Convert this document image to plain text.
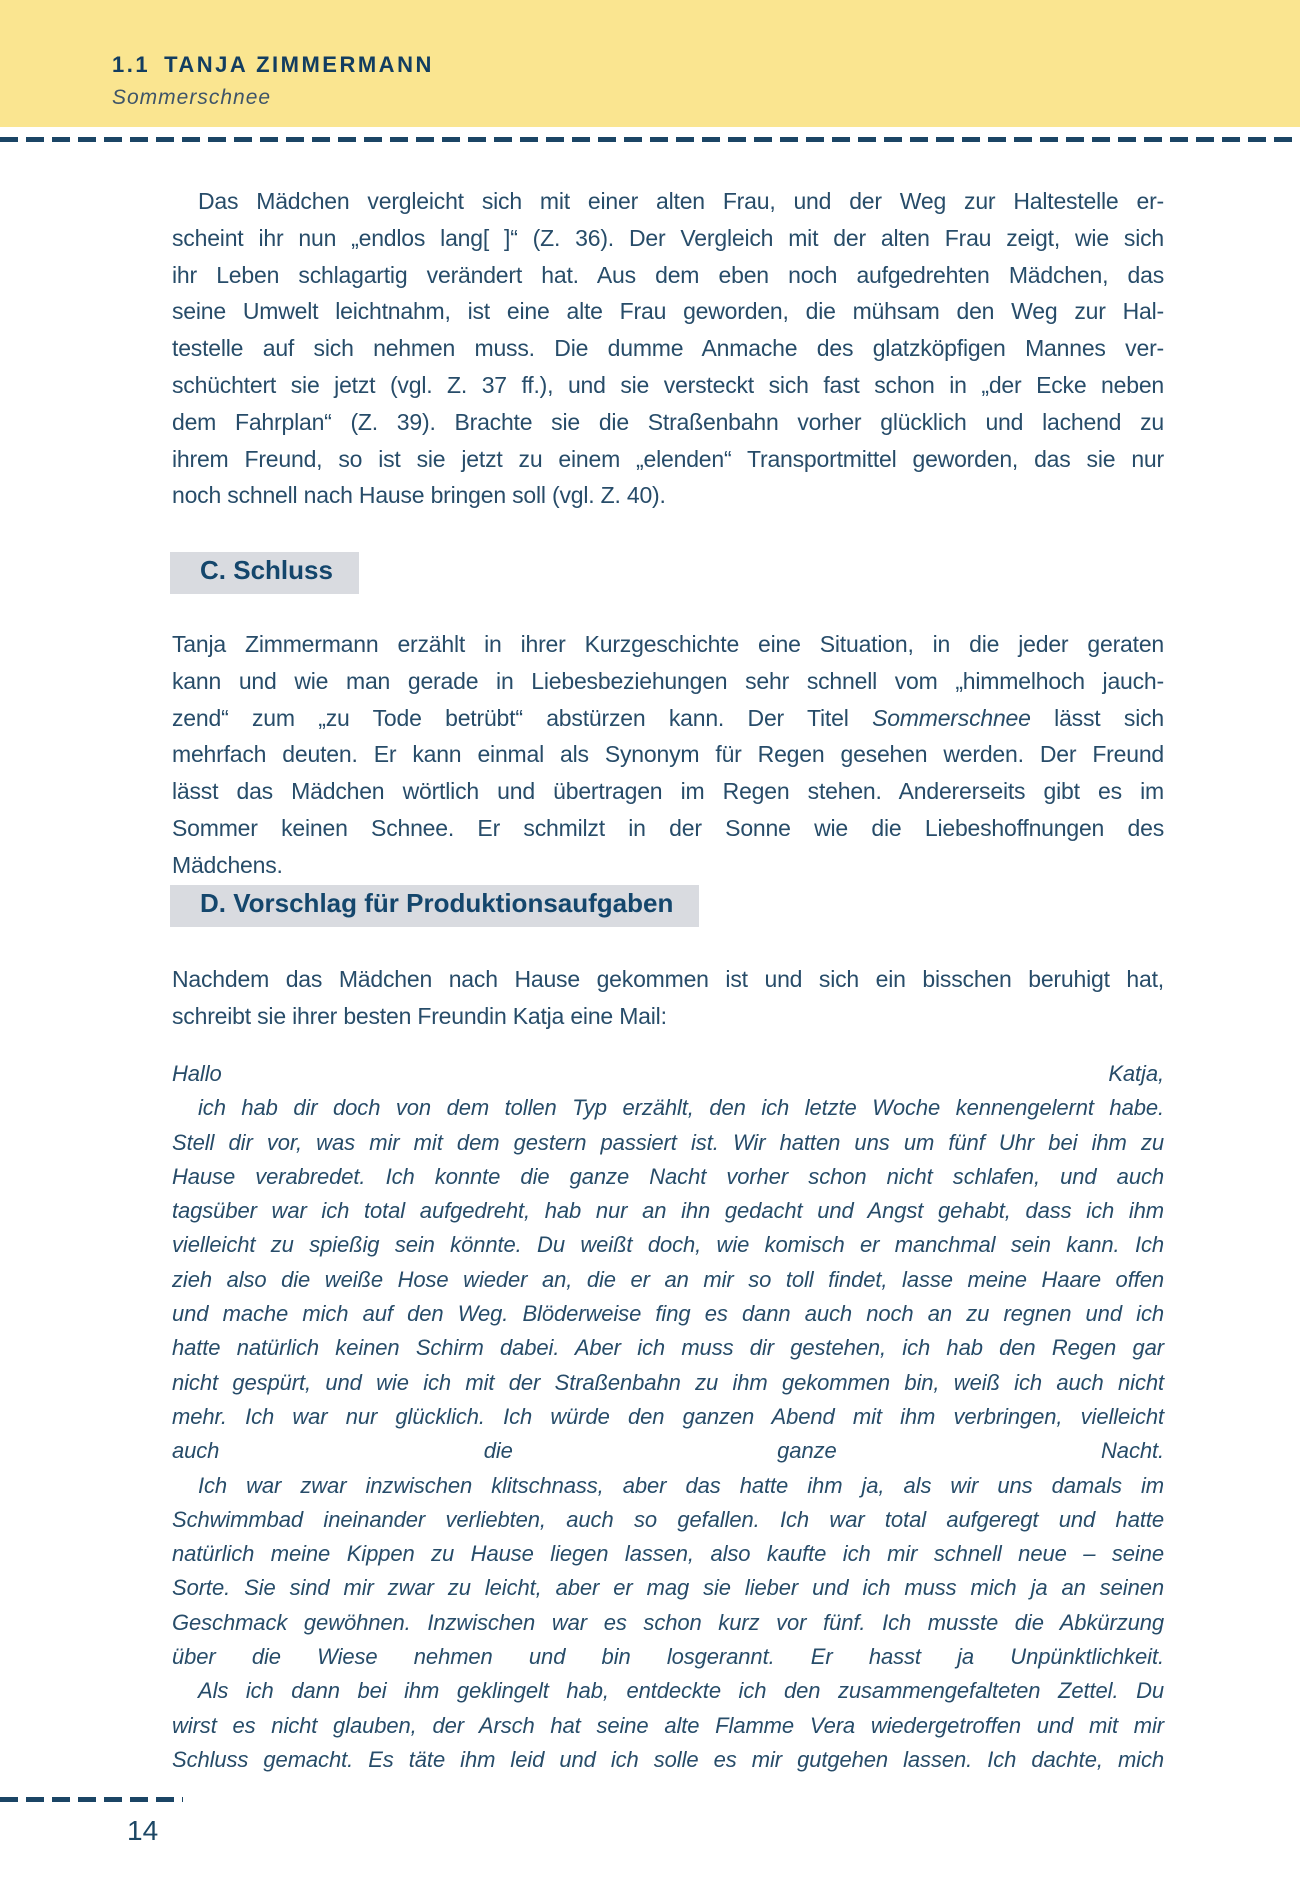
1.1 TANJA ZIMMERMANN
Sommerschnee
Das Mädchen vergleicht sich mit einer alten Frau, und der Weg zur Haltestelle er-
scheint ihr nun „endlos lang[ ]“ (Z. 36). Der Vergleich mit der alten Frau zeigt, wie sich
ihr Leben schlagartig verändert hat. Aus dem eben noch aufgedrehten Mädchen, das
seine Umwelt leichtnahm, ist eine alte Frau geworden, die mühsam den Weg zur Hal-
testelle auf sich nehmen muss. Die dumme Anmache des glatzköpfigen Mannes ver-
schüchtert sie jetzt (vgl. Z. 37 ff.), und sie versteckt sich fast schon in „der Ecke neben
dem Fahrplan“ (Z. 39). Brachte sie die Straßenbahn vorher glücklich und lachend zu
ihrem Freund, so ist sie jetzt zu einem „elenden“ Transportmittel geworden, das sie nur
noch schnell nach Hause bringen soll (vgl. Z. 40).
C. Schluss
Tanja Zimmermann erzählt in ihrer Kurzgeschichte eine Situation, in die jeder geraten
kann und wie man gerade in Liebesbeziehungen sehr schnell vom „himmelhoch jauch-
zend“ zum „zu Tode betrübt“ abstürzen kann. Der Titel Sommerschnee lässt sich
mehrfach deuten. Er kann einmal als Synonym für Regen gesehen werden. Der Freund
lässt das Mädchen wörtlich und übertragen im Regen stehen. Andererseits gibt es im
Sommer keinen Schnee. Er schmilzt in der Sonne wie die Liebeshoffnungen des
Mädchens.
D. Vorschlag für Produktionsaufgaben
Nachdem das Mädchen nach Hause gekommen ist und sich ein bisschen beruhigt hat,
schreibt sie ihrer besten Freundin Katja eine Mail:
Hallo Katja,
ich hab dir doch von dem tollen Typ erzählt, den ich letzte Woche kennengelernt habe.
Stell dir vor, was mir mit dem gestern passiert ist. Wir hatten uns um fünf Uhr bei ihm zu
Hause verabredet. Ich konnte die ganze Nacht vorher schon nicht schlafen, und auch
tagsüber war ich total aufgedreht, hab nur an ihn gedacht und Angst gehabt, dass ich ihm
vielleicht zu spießig sein könnte. Du weißt doch, wie komisch er manchmal sein kann. Ich
zieh also die weiße Hose wieder an, die er an mir so toll findet, lasse meine Haare offen
und mache mich auf den Weg. Blöderweise fing es dann auch noch an zu regnen und ich
hatte natürlich keinen Schirm dabei. Aber ich muss dir gestehen, ich hab den Regen gar
nicht gespürt, und wie ich mit der Straßenbahn zu ihm gekommen bin, weiß ich auch nicht
mehr. Ich war nur glücklich. Ich würde den ganzen Abend mit ihm verbringen, vielleicht
auch die ganze Nacht.
Ich war zwar inzwischen klitschnass, aber das hatte ihm ja, als wir uns damals im
Schwimmbad ineinander verliebten, auch so gefallen. Ich war total aufgeregt und hatte
natürlich meine Kippen zu Hause liegen lassen, also kaufte ich mir schnell neue – seine
Sorte. Sie sind mir zwar zu leicht, aber er mag sie lieber und ich muss mich ja an seinen
Geschmack gewöhnen. Inzwischen war es schon kurz vor fünf. Ich musste die Abkürzung
über die Wiese nehmen und bin losgerannt. Er hasst ja Unpünktlichkeit.
Als ich dann bei ihm geklingelt hab, entdeckte ich den zusammengefalteten Zettel. Du
wirst es nicht glauben, der Arsch hat seine alte Flamme Vera wiedergetroffen und mit mir
Schluss gemacht. Es täte ihm leid und ich solle es mir gutgehen lassen. Ich dachte, mich
14
